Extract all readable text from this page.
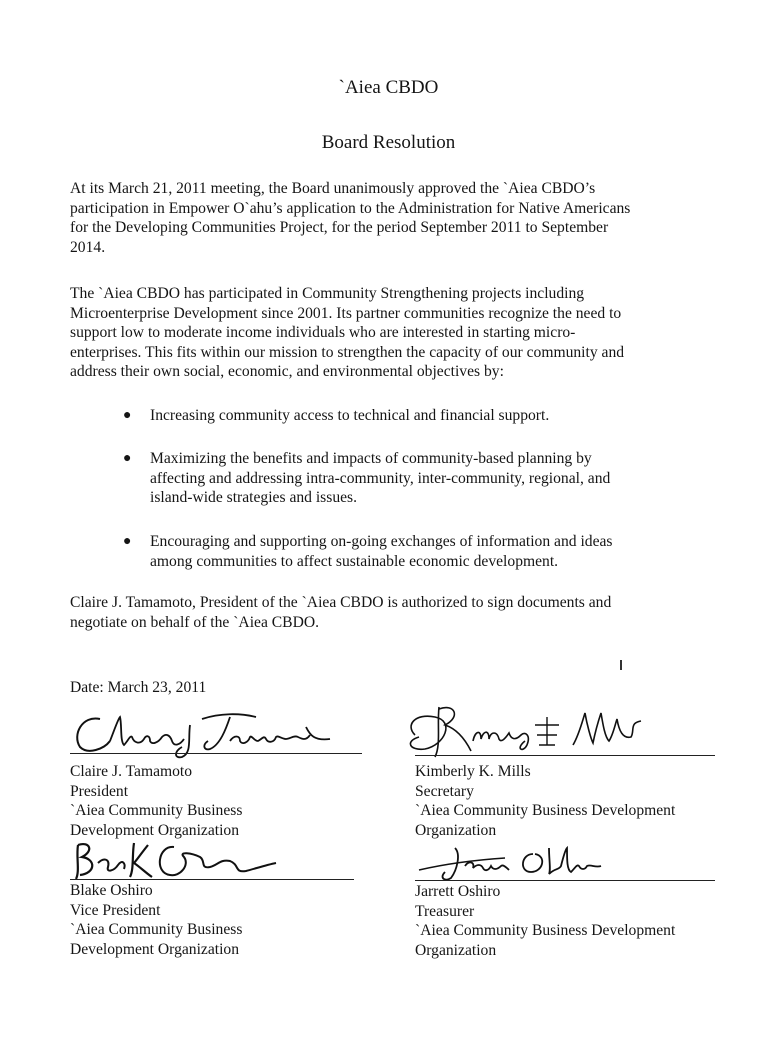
`Aiea CBDO
Board Resolution

At its March 21, 2011 meeting, the Board unanimously approved the `Aiea CBDO’s

participation in Empower O`ahu’s application to the Administration for Native Americans

for the Developing Communities Project, for the period September 2011 to September

2014.

The `Aiea CBDO has participated in Community Strengthening projects including

Microenterprise Development since 2001. Its partner communities recognize the need to

support low to moderate income individuals who are interested in starting micro-

enterprises. This fits within our mission to strengthen the capacity of our community and

address their own social, economic, and environmental objectives by:

● Increasing community access to technical and financial support.

● Maximizing the benefits and impacts of community-based planning by

affecting and addressing intra-community, inter-community, regional, and

island-wide strategies and issues.

● Encouraging and supporting on-going exchanges of information and ideas

among communities to affect sustainable economic development.

Claire J. Tamamoto, President of the `Aiea CBDO is authorized to sign documents and

negotiate on behalf of the `Aiea CBDO.

Date: March 23, 2011

Claire J. Tamamoto

President

`Aiea Community Business

Development Organization

Kimberly K. Mills

Secretary

`Aiea Community Business Development

Organization

Blake Oshiro

Vice President

`Aiea Community Business

Development Organization

Jarrett Oshiro

Treasurer

`Aiea Community Business Development

Organization
